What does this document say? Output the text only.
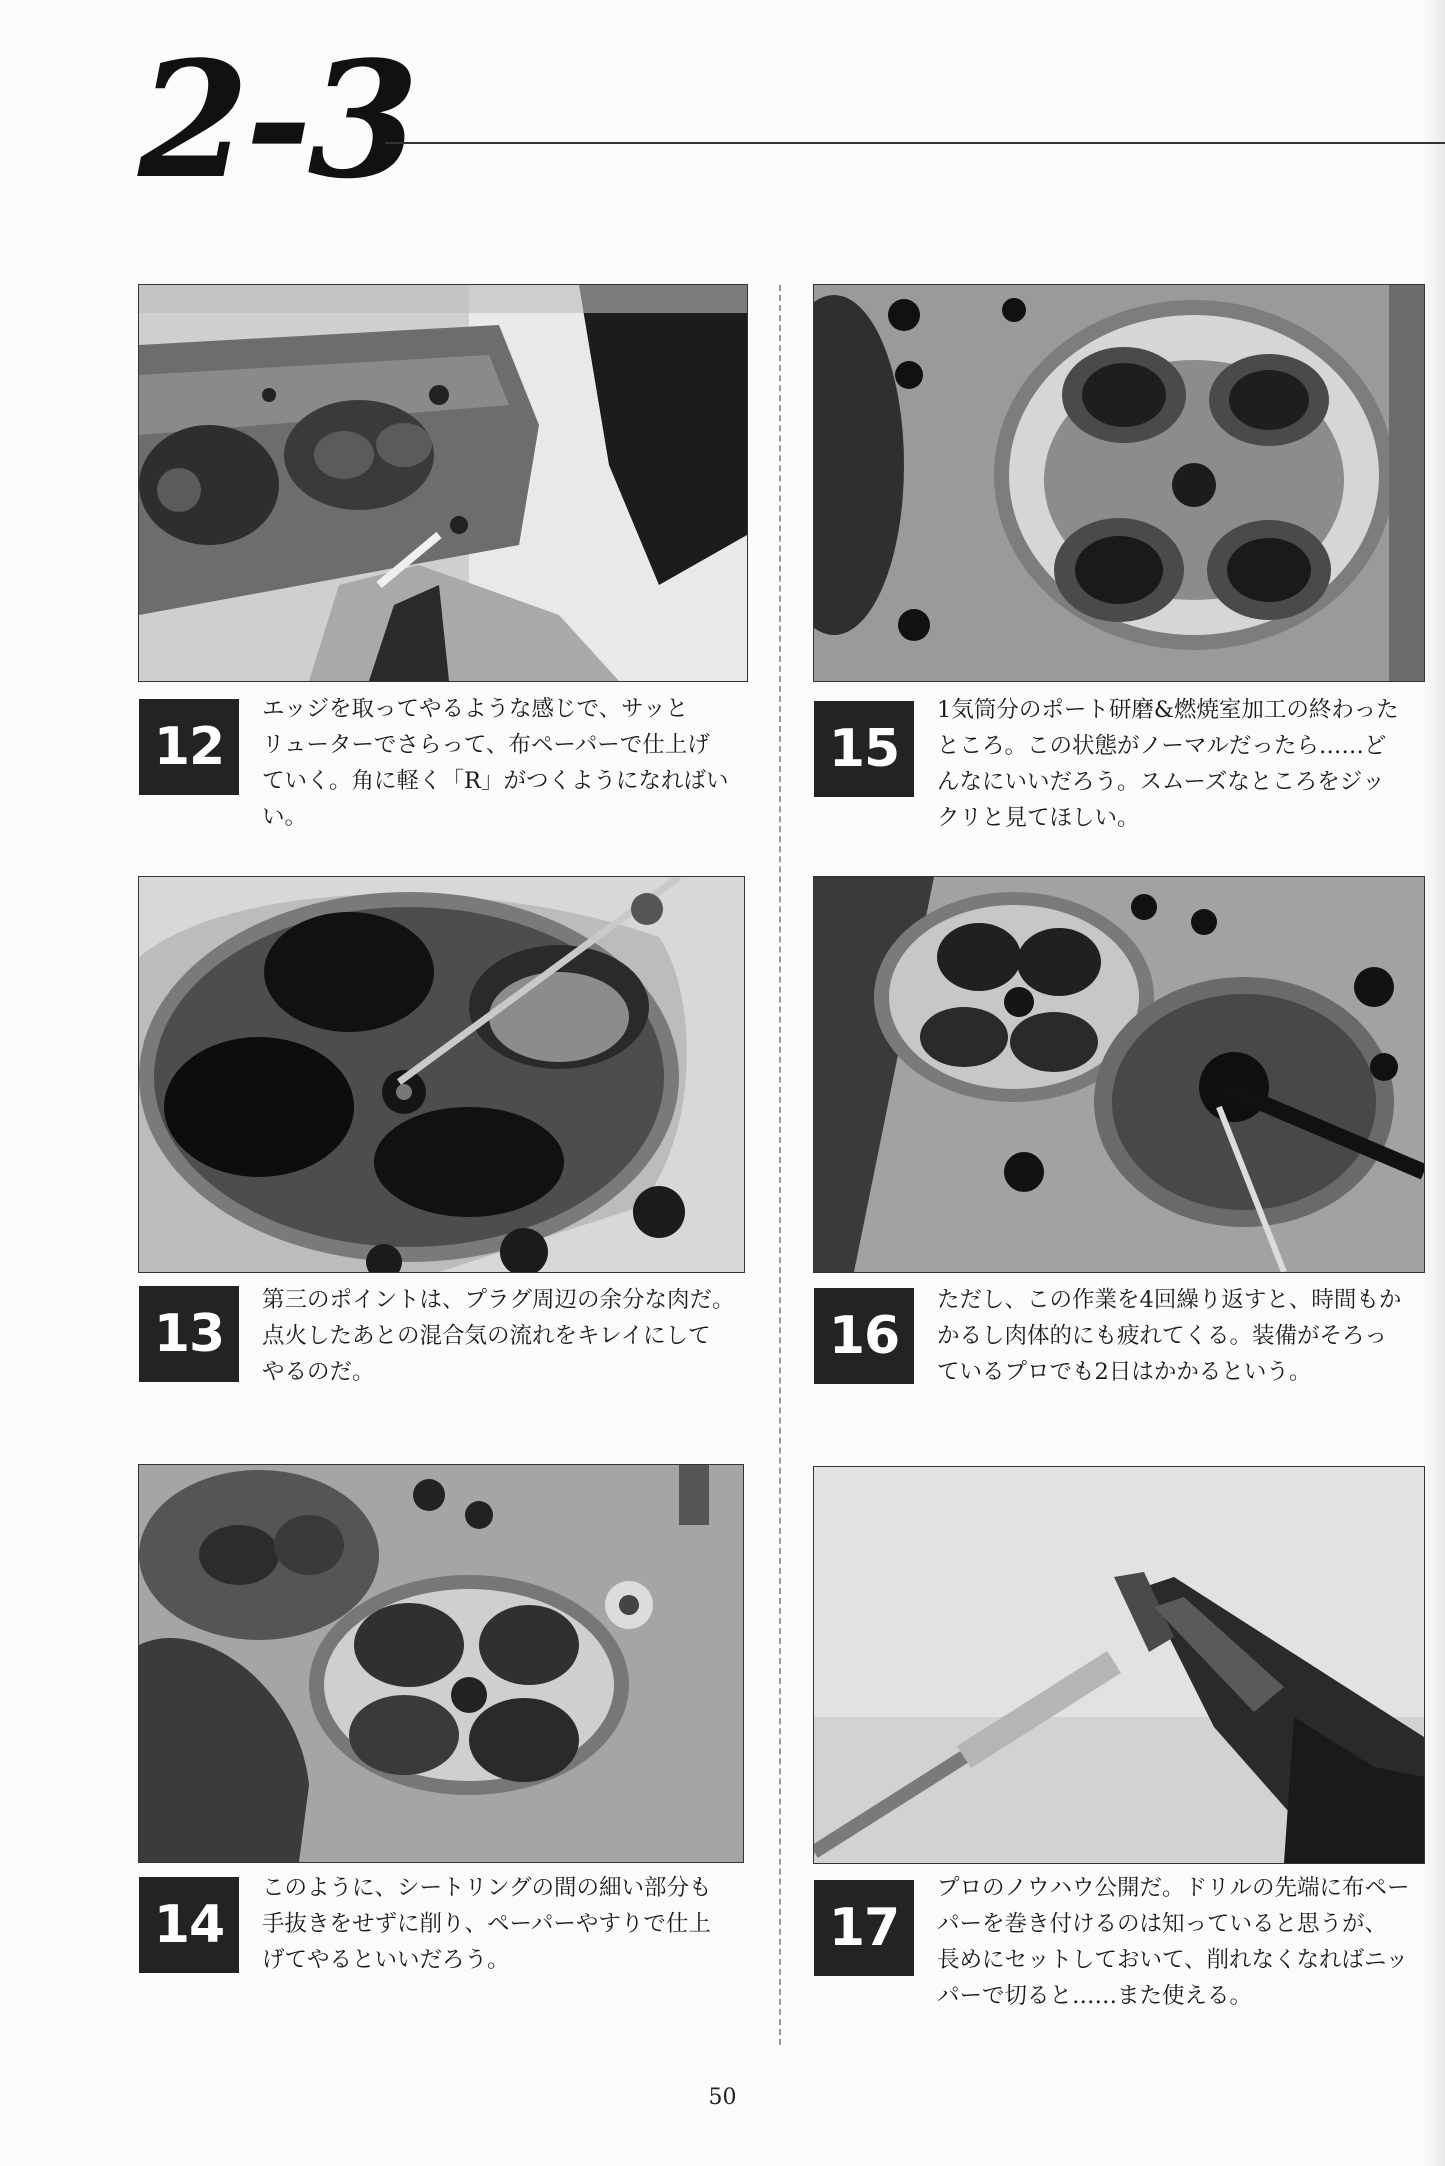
2-3
12
エッジを取ってやるような感じで、サッと
リューターでさらって、布ペーパーで仕上げ
ていく。角に軽く「R」がつくようになればい
い。
13
第三のポイントは、プラグ周辺の余分な肉だ。
点火したあとの混合気の流れをキレイにして
やるのだ。
14
このように、シートリングの間の細い部分も
手抜きをせずに削り、ペーパーやすりで仕上
げてやるといいだろう。
15
1気筒分のポート研磨&燃焼室加工の終わった
ところ。この状態がノーマルだったら……ど
んなにいいだろう。スムーズなところをジッ
クリと見てほしい。
16
ただし、この作業を4回繰り返すと、時間もか
かるし肉体的にも疲れてくる。装備がそろっ
ているプロでも2日はかかるという。
17
プロのノウハウ公開だ。ドリルの先端に布ペー
パーを巻き付けるのは知っていると思うが、
長めにセットしておいて、削れなくなればニッ
パーで切ると……また使える。
50
